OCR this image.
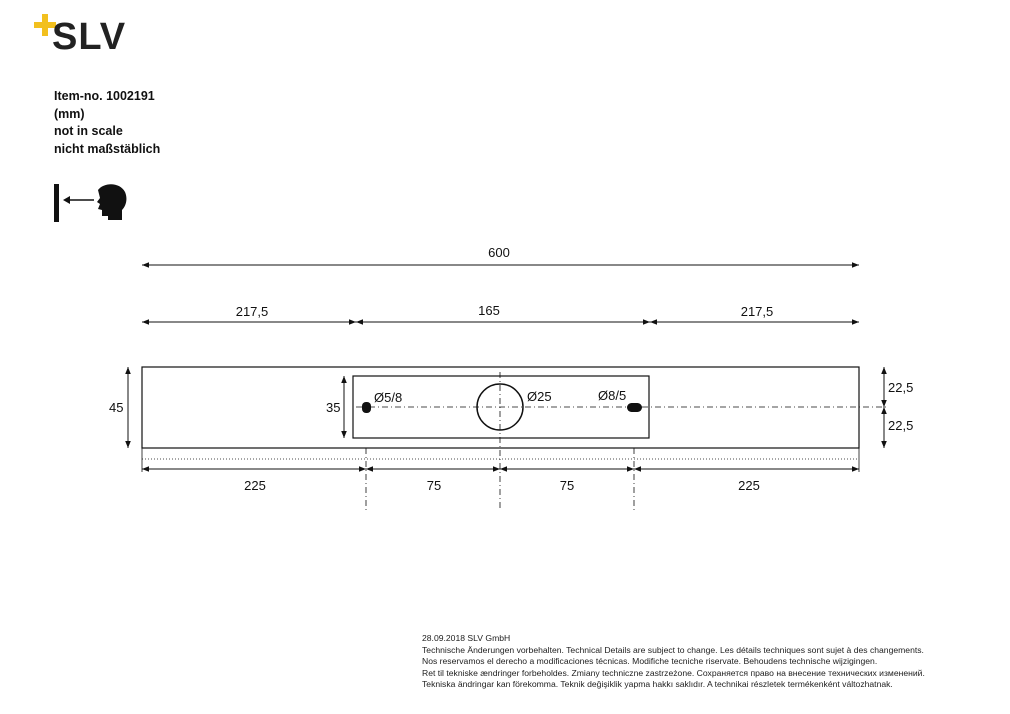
SLV
Item-no. 1002191
(mm)
not in scale
nicht maßstäblich
600
217,5	165	217,5
Ø5/8	Ø25	Ø8/5
45	35
22,5
22,5
225	75	75	225
28.09.2018 SLV GmbH
Technische Änderungen vorbehalten. Technical Details are subject to change. Les détails techniques sont sujet à des changements.
Nos reservamos el derecho a modificaciones técnicas. Modifiche tecniche riservate. Behoudens technische wijzigingen.
Ret til tekniske ændringer forbeholdes. Zmiany techniczne zastrzeżone. Сохраняется право на внесение технических изменений.
Tekniska ändringar kan förekomma. Teknik değişiklik yapma hakkı saklıdır. A technikai részletek termékenként változhatnak.
